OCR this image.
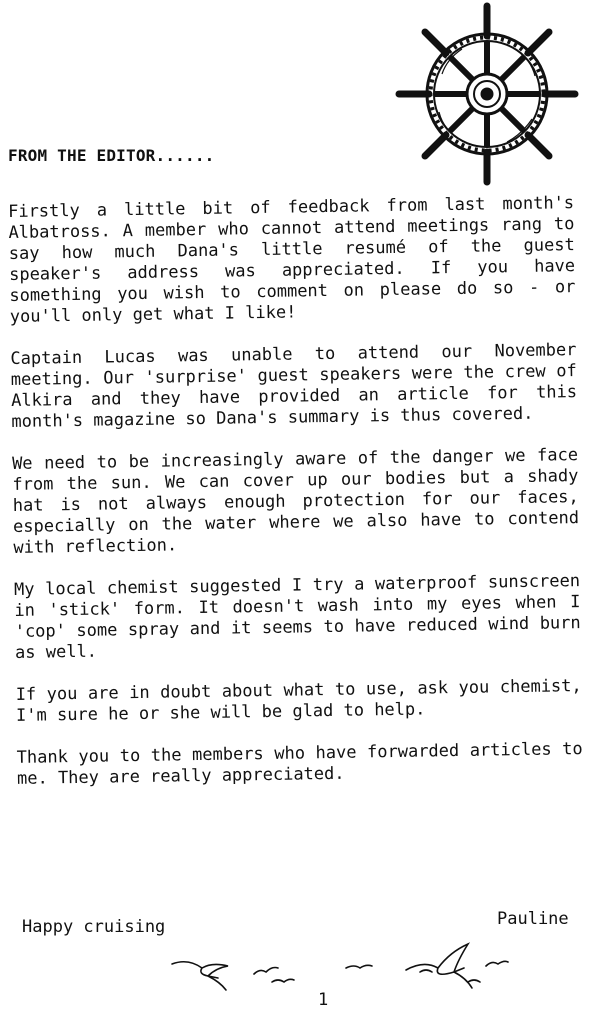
FROM THE EDITOR......

Firstly a little bit of feedback from last month's Albatross. A member who cannot attend meetings rang to say how much Dana's little resumé of the guest speaker's address was appreciated. If you have something you wish to comment on please do so - or you'll only get what I like!

Captain Lucas was unable to attend our November meeting. Our 'surprise' guest speakers were the crew of Alkira and they have provided an article for this month's magazine so Dana's summary is thus covered.

We need to be increasingly aware of the danger we face from the sun. We can cover up our bodies but a shady hat is not always enough protection for our faces, especially on the water where we also have to contend with reflection.

My local chemist suggested I try a waterproof sunscreen in 'stick' form. It doesn't wash into my eyes when I 'cop' some spray and it seems to have reduced wind burn as well.

If you are in doubt about what to use, ask you chemist, I'm sure he or she will be glad to help.

Thank you to the members who have forwarded articles to me. They are really appreciated.

Happy cruising	Pauline
1
